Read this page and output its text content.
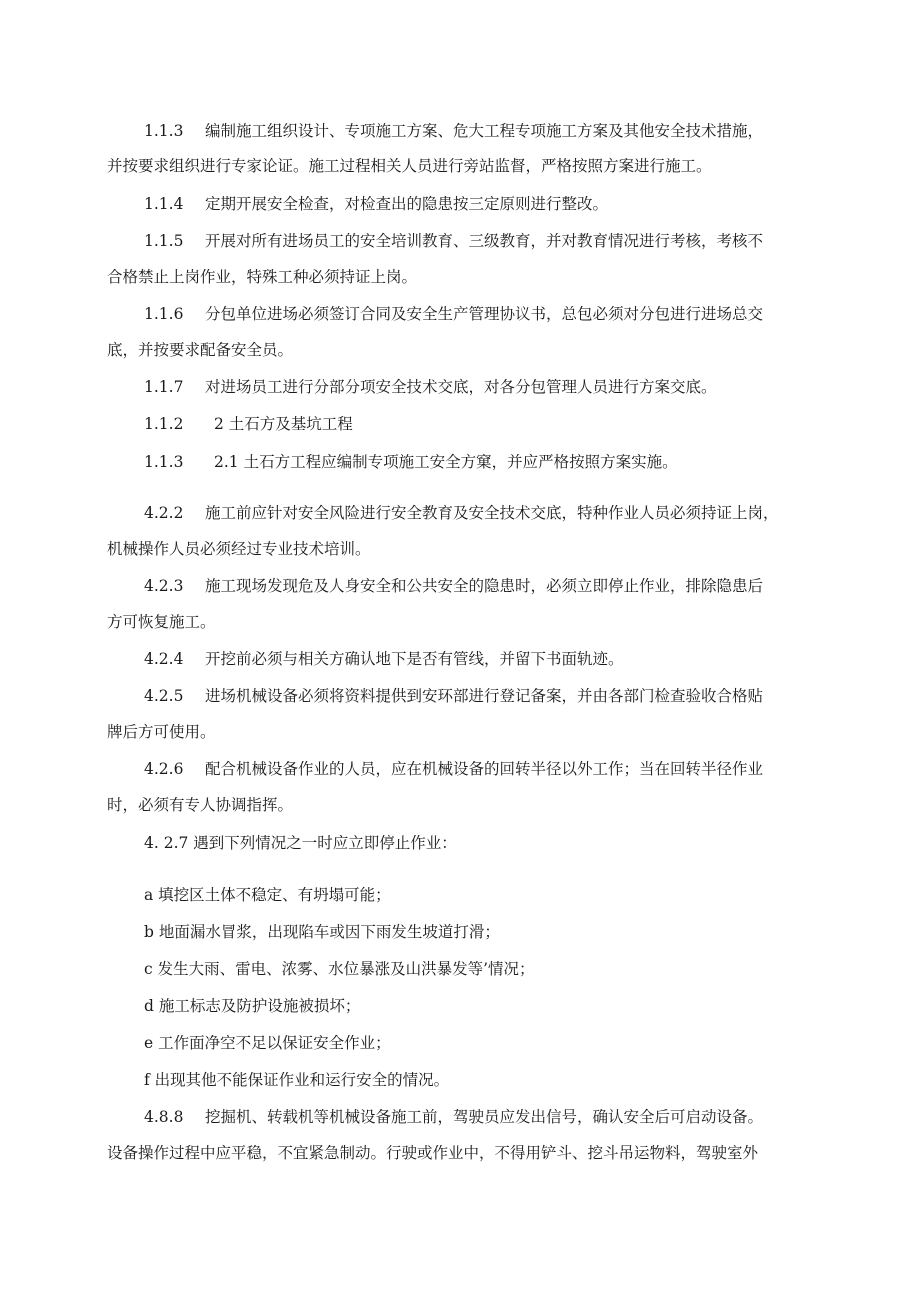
1.1.3 编制施工组织设计、专项施工方案、危大工程专项施工方案及其他安全技术措施，
并按要求组织进行专家论证。施工过程相关人员进行旁站监督，严格按照方案进行施工。
1.1.4 定期开展安全检查，对检查出的隐患按三定原则进行整改。
1.1.5 开展对所有进场员工的安全培训教育、三级教育，并对教育情况进行考核，考核不
合格禁止上岗作业，特殊工种必须持证上岗。
1.1.6 分包单位进场必须签订合同及安全生产管理协议书，总包必须对分包进行进场总交
底，并按要求配备安全员。
1.1.7 对进场员工进行分部分项安全技术交底，对各分包管理人员进行方案交底。
1.1.2 2 土石方及基坑工程
1.1.3 2.1 土石方工程应编制专项施工安全方窠，并应严格按照方案实施。
4.2.2 施工前应针对安全风险进行安全教育及安全技术交底，特种作业人员必须持证上岗，
机械操作人员必须经过专业技术培训。
4.2.3 施工现场发现危及人身安全和公共安全的隐患时，必须立即停止作业，排除隐患后
方可恢复施工。
4.2.4 开挖前必须与相关方确认地下是否有管线，并留下书面轨迹。
4.2.5 进场机械设备必须将资料提供到安环部进行登记备案，并由各部门检查验收合格贴
牌后方可使用。
4.2.6 配合机械设备作业的人员，应在机械设备的回转半径以外工作；当在回转半径作业
时，必须有专人协调指挥。
4. 2.7 遇到下列情况之一时应立即停止作业：
a 填挖区土体不稳定、有坍塌可能；
b 地面漏水冒浆，出现陷车或因下雨发生坡道打滑；
c 发生大雨、雷电、浓雾、水位暴涨及山洪暴发等’情况；
d 施工标志及防护设施被损坏；
e 工作面净空不足以保证安全作业；
f 出现其他不能保证作业和运行安全的情况。
4.8.8 挖掘机、转载机等机械设备施工前，驾驶员应发出信号，确认安全后可启动设备。
设备操作过程中应平稳，不宜紧急制动。行驶或作业中，不得用铲斗、挖斗吊运物料，驾驶室外
